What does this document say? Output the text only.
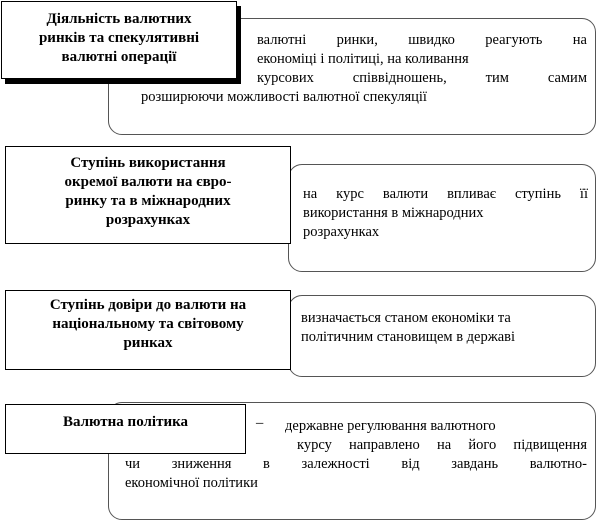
валютні ринки, швидко реагують на
економіці і політиці, на коливання
курсових співвідношень, тим самим
розширюючи можливості валютної спекуляції
Діяльність валютних
ринків та спекулятивні
валютні операції
на курс валюти впливає ступінь її
використання в міжнародних
розрахунках
Ступінь використання
окремої валюти на євро-
ринку та в міжнародних
розрахунках
визначається станом економіки та
політичним становищем в державі
Ступінь довіри до валюти на
національному та світовому
ринках
державне регулювання валютного
курсу направлено на його підвищення
чи зниження в залежності від завдань валютно-
економічної політики
–
Валютна політика
